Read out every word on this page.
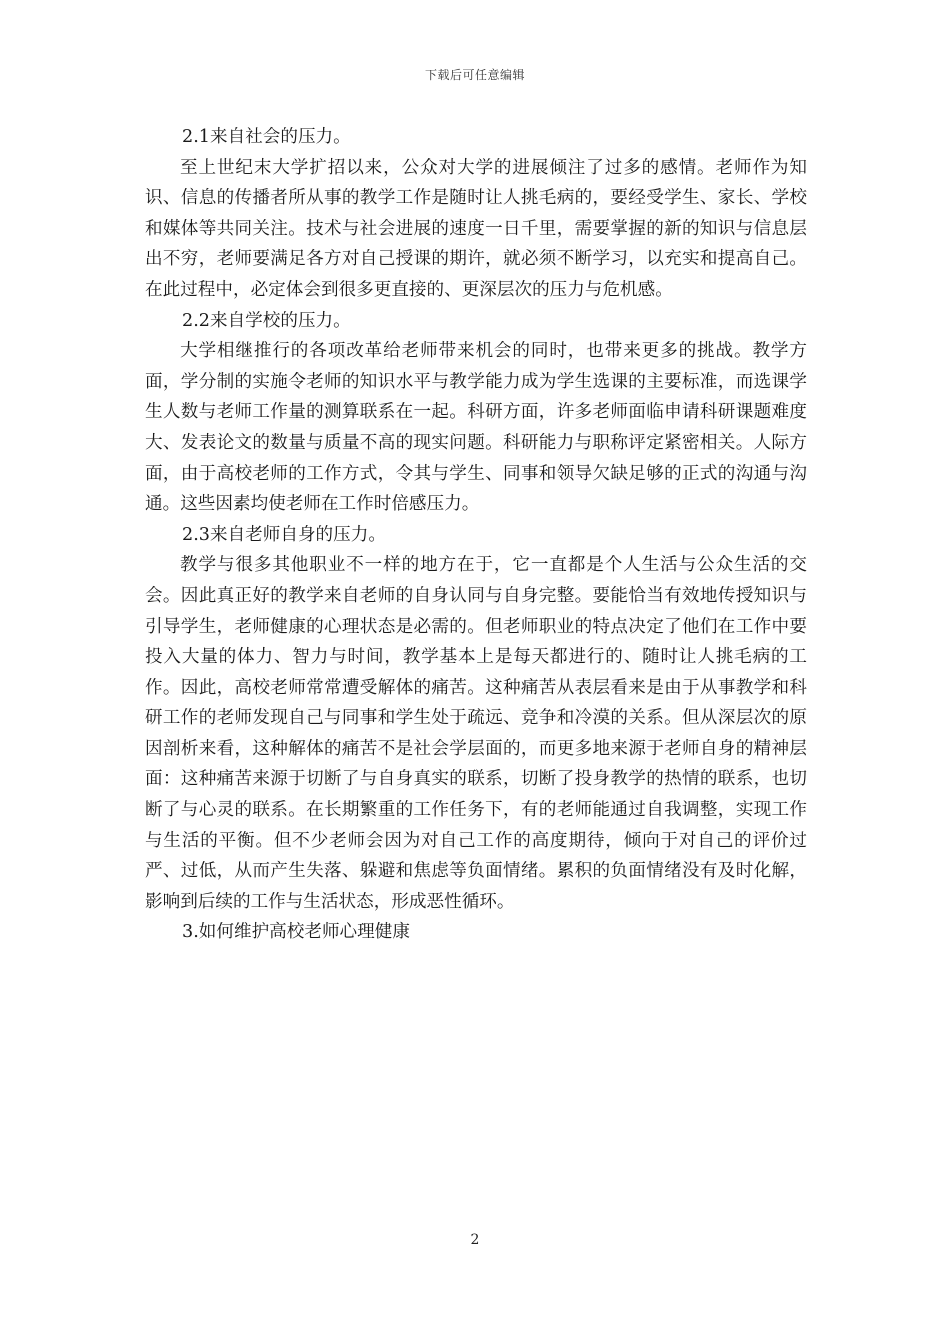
下载后可任意编辑

2.1来自社会的压力。

至上世纪末大学扩招以来，公众对大学的进展倾注了过多的感情。老师作为知识、信息的传播者所从事的教学工作是随时让人挑毛病的，要经受学生、家长、学校和媒体等共同关注。技术与社会进展的速度一日千里，需要掌握的新的知识与信息层出不穷，老师要满足各方对自己授课的期许，就必须不断学习，以充实和提高自己。在此过程中，必定体会到很多更直接的、更深层次的压力与危机感。

2.2来自学校的压力。

大学相继推行的各项改革给老师带来机会的同时，也带来更多的挑战。教学方面，学分制的实施令老师的知识水平与教学能力成为学生选课的主要标准，而选课学生人数与老师工作量的测算联系在一起。科研方面，许多老师面临申请科研课题难度大、发表论文的数量与质量不高的现实问题。科研能力与职称评定紧密相关。人际方面，由于高校老师的工作方式，令其与学生、同事和领导欠缺足够的正式的沟通与沟通。这些因素均使老师在工作时倍感压力。

2.3来自老师自身的压力。

教学与很多其他职业不一样的地方在于，它一直都是个人生活与公众生活的交会。因此真正好的教学来自老师的自身认同与自身完整。要能恰当有效地传授知识与引导学生，老师健康的心理状态是必需的。但老师职业的特点决定了他们在工作中要投入大量的体力、智力与时间，教学基本上是每天都进行的、随时让人挑毛病的工作。因此，高校老师常常遭受解体的痛苦。这种痛苦从表层看来是由于从事教学和科研工作的老师发现自己与同事和学生处于疏远、竞争和冷漠的关系。但从深层次的原因剖析来看，这种解体的痛苦不是社会学层面的，而更多地来源于老师自身的精神层面：这种痛苦来源于切断了与自身真实的联系，切断了投身教学的热情的联系，也切断了与心灵的联系。在长期繁重的工作任务下，有的老师能通过自我调整，实现工作与生活的平衡。但不少老师会因为对自己工作的高度期待，倾向于对自己的评价过严、过低，从而产生失落、躲避和焦虑等负面情绪。累积的负面情绪没有及时化解，影响到后续的工作与生活状态，形成恶性循环。

3.如何维护高校老师心理健康

2
